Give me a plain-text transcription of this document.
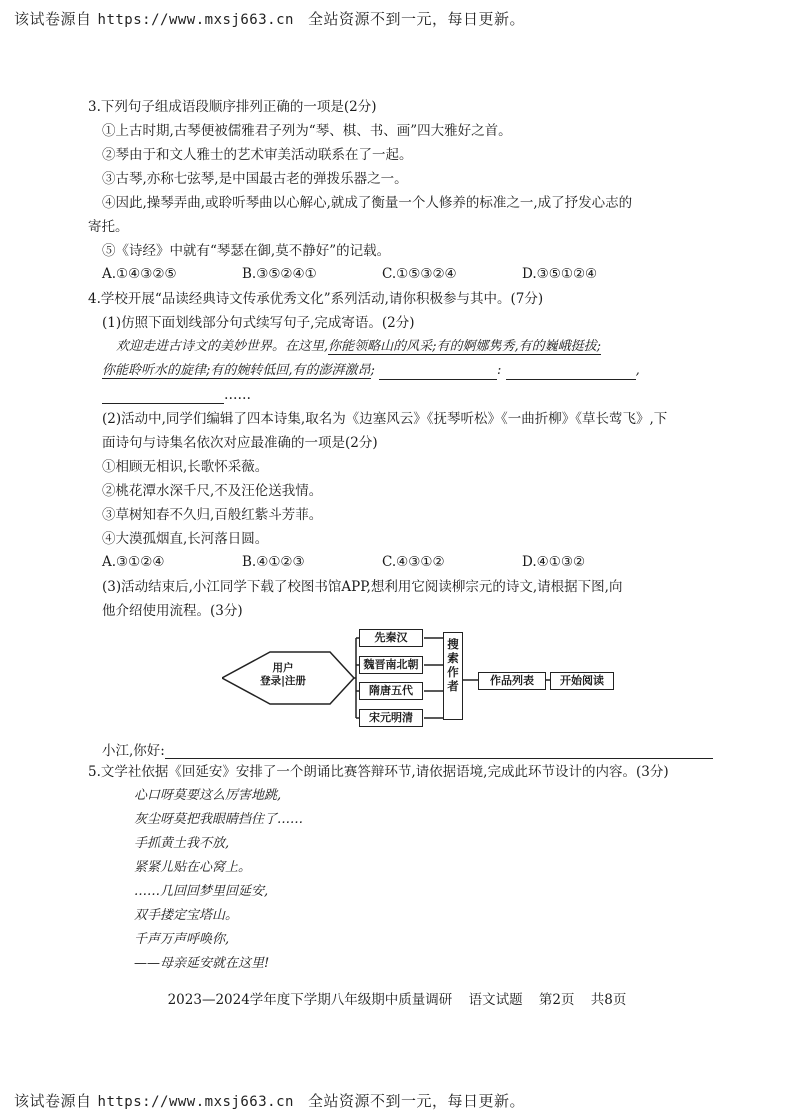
该试卷源自 https://www.mxsj663.cn 全站资源不到一元，每日更新。
3.下列句子组成语段顺序排列正确的一项是(2分)
①上古时期,古琴便被儒雅君子列为“琴、棋、书、画”四大雅好之首。
②琴由于和文人雅士的艺术审美活动联系在了一起。
③古琴,亦称七弦琴,是中国最古老的弹拨乐器之一。
④因此,操琴弄曲,或聆听琴曲以心解心,就成了衡量一个人修养的标准之一,成了抒发心志的
寄托。
⑤《诗经》中就有“琴瑟在御,莫不静好”的记载。
A.①④③②⑤	B.③⑤②④①	C.①⑤③②④	D.③⑤①②④
4.学校开展“品读经典诗文传承优秀文化”系列活动,请你积极参与其中。(7分)
(1)仿照下面划线部分句式续写句子,完成寄语。(2分)
欢迎走进古诗文的美妙世界。在这里,你能领略山的风采;有的婀娜隽秀,有的巍峨挺拔;
你能聆听水的旋律;有的婉转低回,有的澎湃激昂;	:	,
……
(2)活动中,同学们编辑了四本诗集,取名为《边塞风云》《抚琴听松》《一曲折柳》《草长莺飞》,下
面诗句与诗集名依次对应最准确的一项是(2分)
①相顾无相识,长歌怀采薇。
②桃花潭水深千尺,不及汪伦送我情。
③草树知春不久归,百般红紫斗芳菲。
④大漠孤烟直,长河落日圆。
A.③①②④	B.④①②③	C.④③①②	D.④①③②
(3)活动结束后,小江同学下载了校图书馆APP,想利用它阅读柳宗元的诗文,请根据下图,向
他介绍使用流程。(3分)
用户
登录|注册
先秦汉
魏晋南北朝
隋唐五代
宋元明清
搜索作者	作品列表	开始阅读
小江,你好:
5.文学社依据《回延安》安排了一个朗诵比赛答辩环节,请依据语境,完成此环节设计的内容。(3分)
心口呀莫要这么厉害地跳,
灰尘呀莫把我眼睛挡住了……
手抓黄土我不放,
紧紧儿贴在心窝上。
……几回回梦里回延安,
双手搂定宝塔山。
千声万声呼唤你,
——母亲延安就在这里!
2023—2024学年度下学期八年级期中质量调研 语文试题 第2页 共8页
该试卷源自 https://www.mxsj663.cn 全站资源不到一元，每日更新。
